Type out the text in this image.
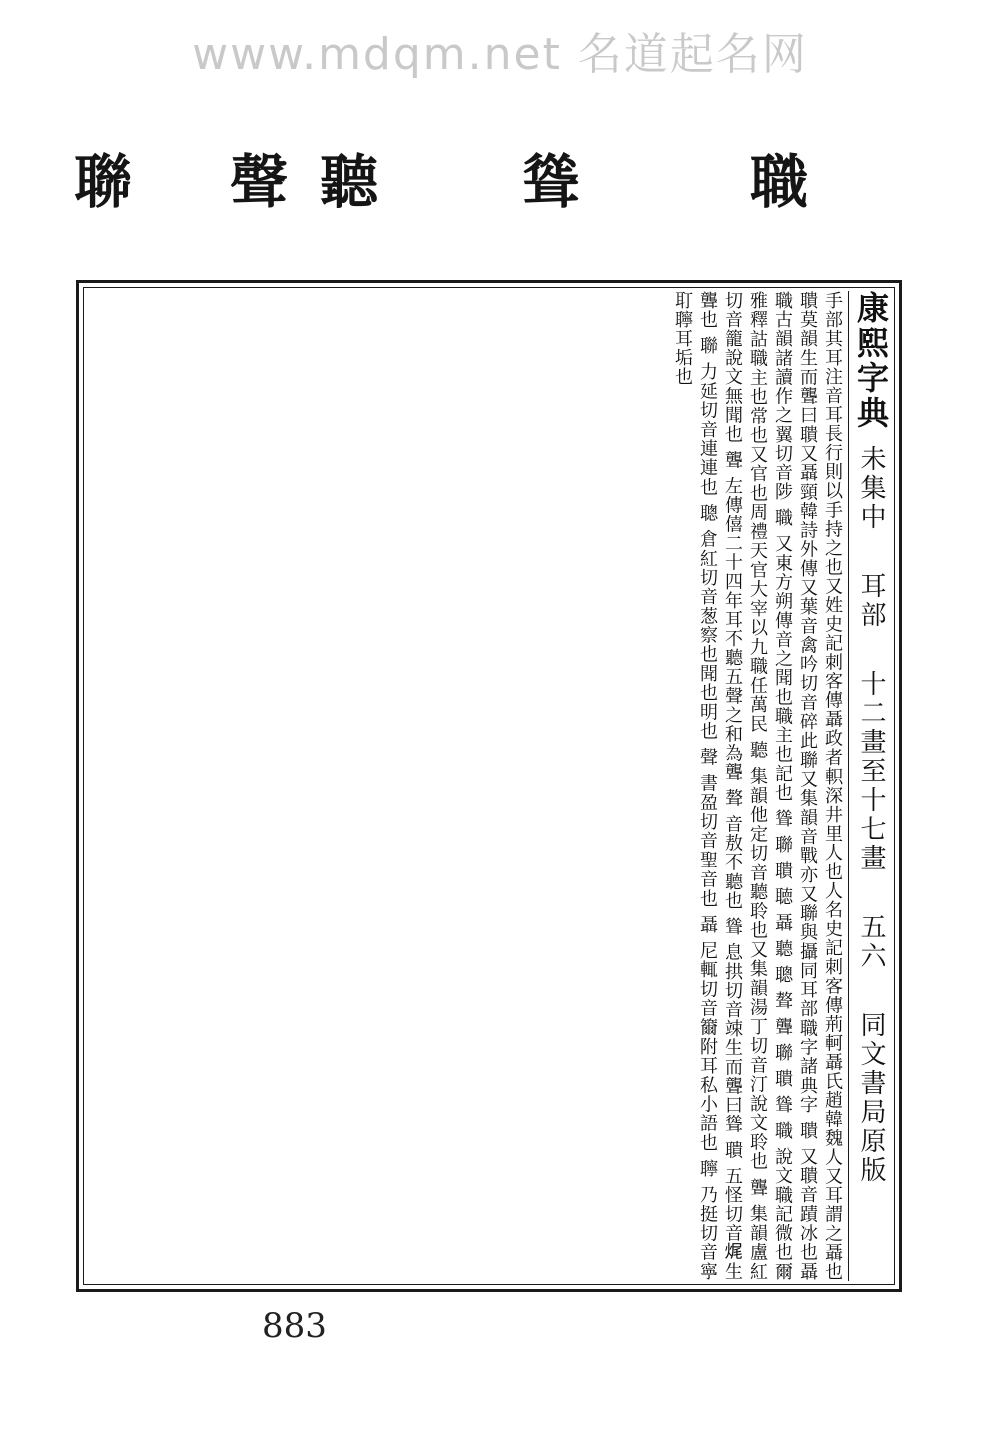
www.mdqm.net 名道起名网
聯 聲 聽 聳	職
康熙字典
未集中
耳部
十二畫至十七畫
五六
同文書局原版
手部其耳注音耳長行則以手持之也又姓史記刺客傳聶政者軹深井里人也人名史記刺客傳荊軻聶氏趙韓魏人又耳謂之聶也聵莫韻生而聾曰聵又聶頸韓詩外傳又葉音禽吟切音碎此聯又集韻音戰亦又聯與攝同耳部職字諸典字 聵 又聵音蹟冰也聶職古韻諸讀作之翼切音陟 職 又東方朔傳音之聞也職主也記也 聳 聯 聵 聴 聶 聽 聰 聱 聾 聯 聵 聳 職 說文職記微也爾雅釋詁職主也常也又官也周禮天官大宰以九職任萬民 聽 集韻他定切音聽聆也又集韻湯丁切音汀說文聆也 聾 集韻盧紅切音籠說文無聞也 聾 左傳僖二十四年耳不聽五聲之和為聾 聱 音敖不聽也 聳 息拱切音竦生而聾曰聳 聵 五怪切音𤈦生聾也 聯 力延切音連連也 聰 倉紅切音葱察也聞也明也 聲 書盈切音聖音也 聶 尼輒切音籋附耳私小語也 聹 乃挺切音寧耵聹耳垢也
883
